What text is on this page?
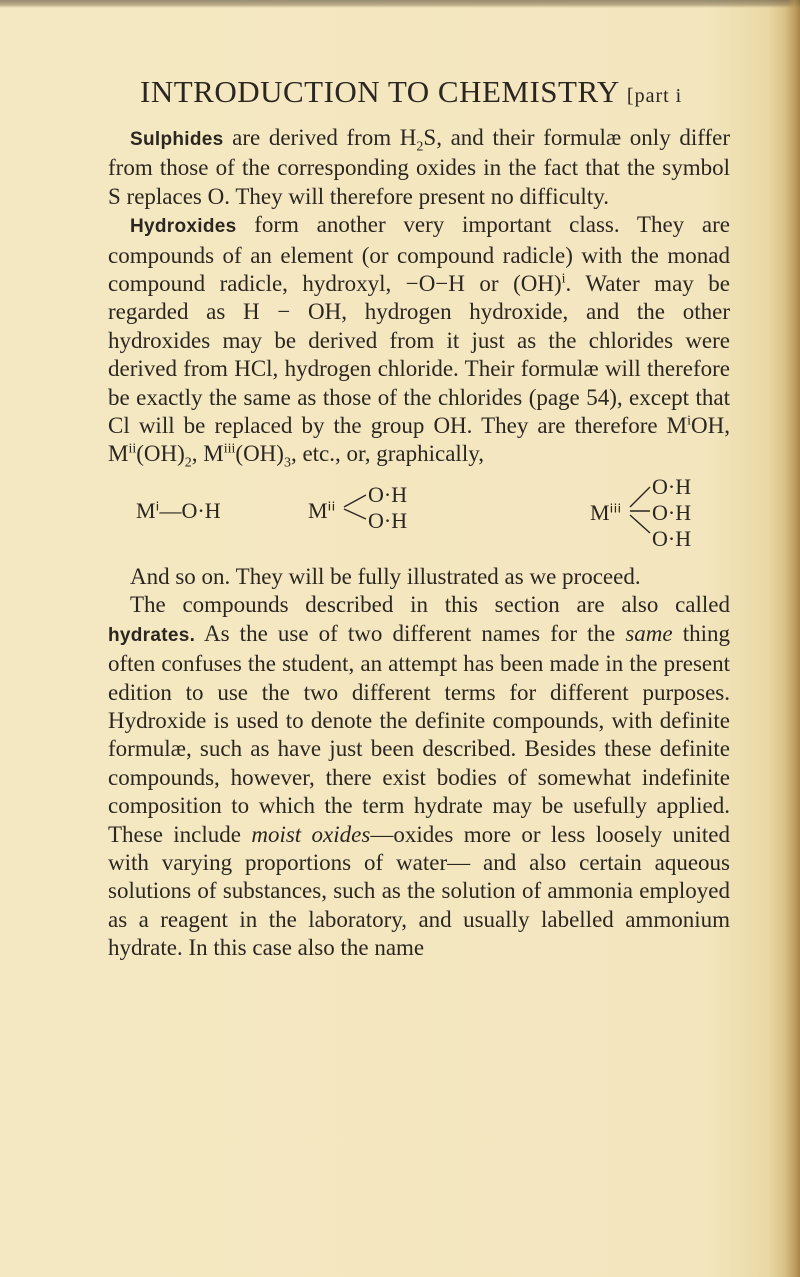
INTRODUCTION TO CHEMISTRY [part i

Sulphides are derived from $H_2S$, and their formulæ only differ from those of the corresponding oxides in the fact that the symbol S replaces O. They will therefore present no difficulty.

Hydroxides form another very important class. They are compounds of an element (or compound radicle) with the monad compound radicle, hydroxyl, −O−H or (OH)$^i$. Water may be regarded as H − OH, hydrogen hydroxide, and the other hydroxides may be derived from it just as the chlorides were derived from HCl, hydrogen chloride. Their formulæ will therefore be exactly the same as those of the chlorides (page 54), except that Cl will be replaced by the group OH. They are therefore $M^iOH$, $M^{ii}(OH)_2$, $M^{iii}(OH)_3$, etc., or, graphically,

Mⁱ—O·H	Mⁱⁱ
O·H
O·H	Mⁱⁱⁱ
O·H
O·H
O·H

And so on. They will be fully illustrated as we proceed.

The compounds described in this section are also called hydrates. As the use of two different names for the same thing often confuses the student, an attempt has been made in the present edition to use the two different terms for different purposes. Hydroxide is used to denote the definite compounds, with definite formulæ, such as have just been described. Besides these definite compounds, however, there exist bodies of somewhat indefinite composition to which the term hydrate may be usefully applied. These include moist oxides—oxides more or less loosely united with varying proportions of water— and also certain aqueous solutions of substances, such as the solution of ammonia employed as a reagent in the laboratory, and usually labelled ammonium hydrate. In this case also the name
